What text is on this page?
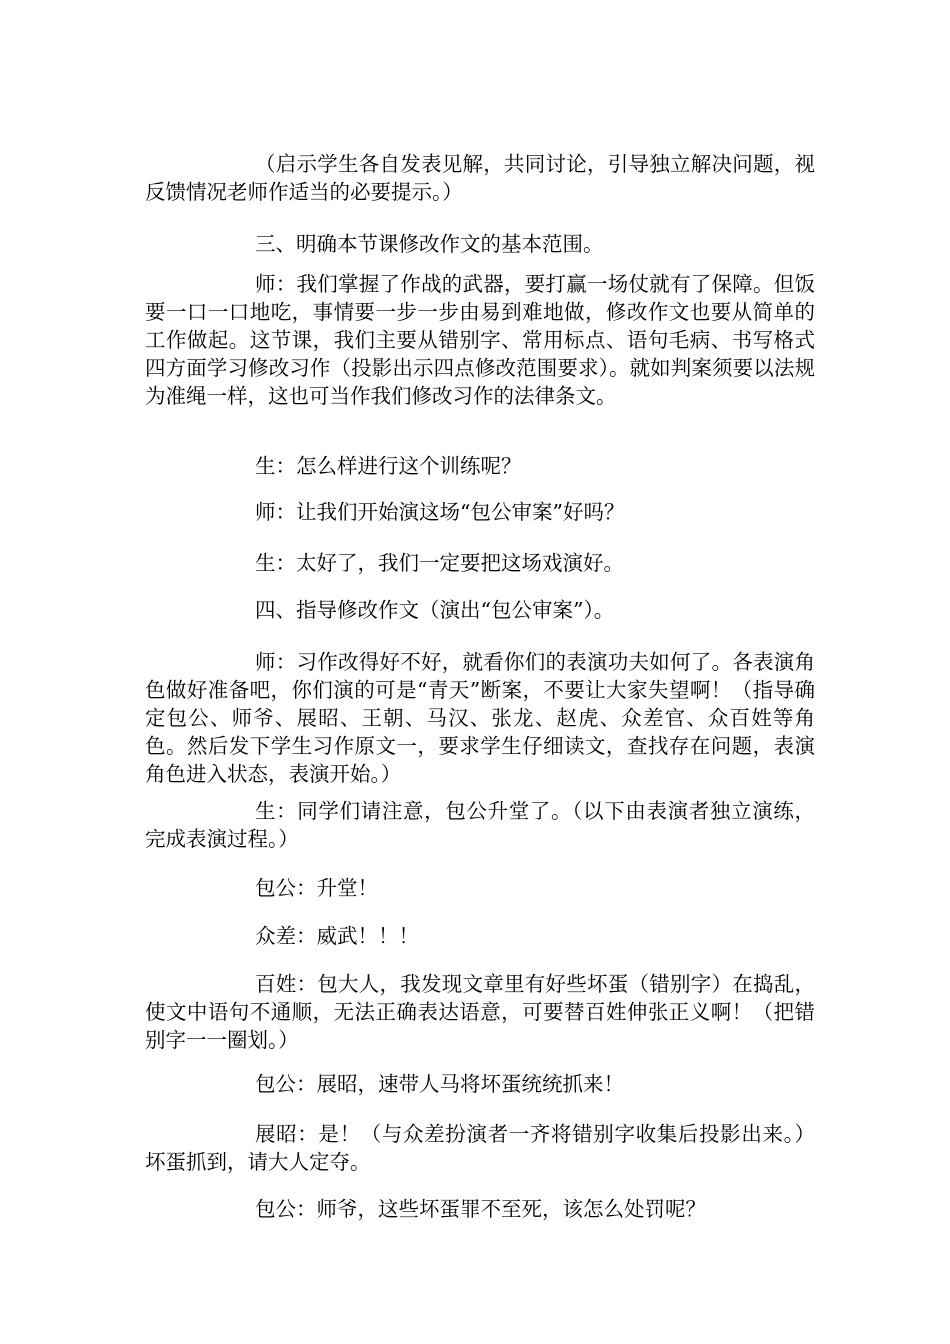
（启示学生各自发表见解，共同讨论，引导独立解决问题，视反馈情况老师作适当的必要提示。）

三、明确本节课修改作文的基本范围。

师：我们掌握了作战的武器，要打赢一场仗就有了保障。但饭要一口一口地吃，事情要一步一步由易到难地做，修改作文也要从简单的工作做起。这节课，我们主要从错别字、常用标点、语句毛病、书写格式四方面学习修改习作（投影出示四点修改范围要求）。就如判案须要以法规为准绳一样，这也可当作我们修改习作的法律条文。

生：怎么样进行这个训练呢？

师：让我们开始演这场“包公审案”好吗？

生：太好了，我们一定要把这场戏演好。

四、指导修改作文（演出“包公审案”）。

师：习作改得好不好，就看你们的表演功夫如何了。各表演角色做好准备吧，你们演的可是“青天”断案，不要让大家失望啊！（指导确定包公、师爷、展昭、王朝、马汉、张龙、赵虎、众差官、众百姓等角色。然后发下学生习作原文一，要求学生仔细读文，查找存在问题，表演角色进入状态，表演开始。）

生：同学们请注意，包公升堂了。（以下由表演者独立演练，完成表演过程。）

包公：升堂！

众差：威武！！！

百姓：包大人，我发现文章里有好些坏蛋（错别字）在捣乱，使文中语句不通顺，无法正确表达语意，可要替百姓伸张正义啊！（把错别字一一圈划。）

包公：展昭，速带人马将坏蛋统统抓来！

展昭：是！（与众差扮演者一齐将错别字收集后投影出来。）坏蛋抓到，请大人定夺。

包公：师爷，这些坏蛋罪不至死，该怎么处罚呢？
